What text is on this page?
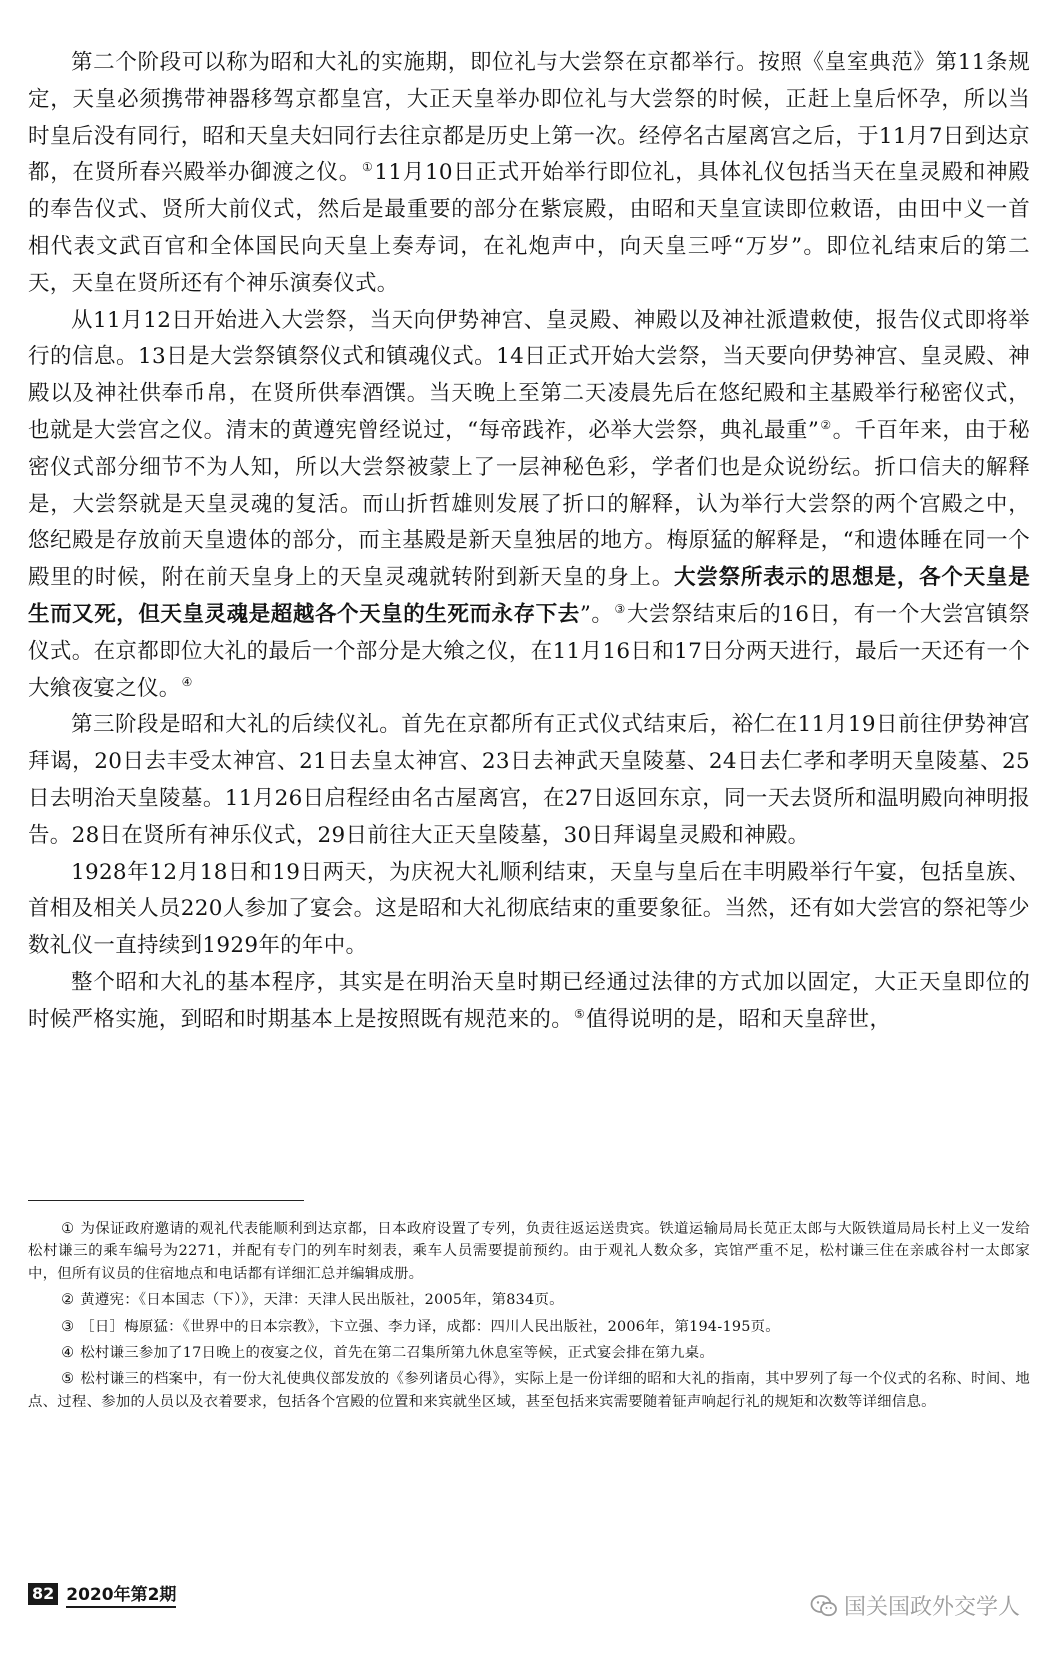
第二个阶段可以称为昭和大礼的实施期，即位礼与大尝祭在京都举行。按照《皇室典范》第11条规定，天皇必须携带神器移驾京都皇宫，大正天皇举办即位礼与大尝祭的时候，正赶上皇后怀孕，所以当时皇后没有同行，昭和天皇夫妇同行去往京都是历史上第一次。经停名古屋离宫之后，于11月7日到达京都，在贤所春兴殿举办御渡之仪。①11月10日正式开始举行即位礼，具体礼仪包括当天在皇灵殿和神殿的奉告仪式、贤所大前仪式，然后是最重要的部分在紫宸殿，由昭和天皇宣读即位敕语，由田中义一首相代表文武百官和全体国民向天皇上奏寿词，在礼炮声中，向天皇三呼“万岁”。即位礼结束后的第二天，天皇在贤所还有个神乐演奏仪式。

从11月12日开始进入大尝祭，当天向伊势神宫、皇灵殿、神殿以及神社派遣敕使，报告仪式即将举行的信息。13日是大尝祭镇祭仪式和镇魂仪式。14日正式开始大尝祭，当天要向伊势神宫、皇灵殿、神殿以及神社供奉币帛，在贤所供奉酒馔。当天晚上至第二天凌晨先后在悠纪殿和主基殿举行秘密仪式，也就是大尝宫之仪。清末的黄遵宪曾经说过，“每帝践祚，必举大尝祭，典礼最重”②。千百年来，由于秘密仪式部分细节不为人知，所以大尝祭被蒙上了一层神秘色彩，学者们也是众说纷纭。折口信夫的解释是，大尝祭就是天皇灵魂的复活。而山折哲雄则发展了折口的解释，认为举行大尝祭的两个宫殿之中，悠纪殿是存放前天皇遗体的部分，而主基殿是新天皇独居的地方。梅原猛的解释是，“和遗体睡在同一个殿里的时候，附在前天皇身上的天皇灵魂就转附到新天皇的身上。大尝祭所表示的思想是，各个天皇是生而又死，但天皇灵魂是超越各个天皇的生死而永存下去”。③大尝祭结束后的16日，有一个大尝宫镇祭仪式。在京都即位大礼的最后一个部分是大飨之仪，在11月16日和17日分两天进行，最后一天还有一个大飨夜宴之仪。④

第三阶段是昭和大礼的后续仪礼。首先在京都所有正式仪式结束后，裕仁在11月19日前往伊势神宫拜谒，20日去丰受太神宫、21日去皇太神宫、23日去神武天皇陵墓、24日去仁孝和孝明天皇陵墓、25日去明治天皇陵墓。11月26日启程经由名古屋离宫，在27日返回东京，同一天去贤所和温明殿向神明报告。28日在贤所有神乐仪式，29日前往大正天皇陵墓，30日拜谒皇灵殿和神殿。

1928年12月18日和19日两天，为庆祝大礼顺利结束，天皇与皇后在丰明殿举行午宴，包括皇族、首相及相关人员220人参加了宴会。这是昭和大礼彻底结束的重要象征。当然，还有如大尝宫的祭祀等少数礼仪一直持续到1929年的年中。

整个昭和大礼的基本程序，其实是在明治天皇时期已经通过法律的方式加以固定，大正天皇即位的时候严格实施，到昭和时期基本上是按照既有规范来的。⑤值得说明的是，昭和天皇辞世，

① 为保证政府邀请的观礼代表能顺利到达京都，日本政府设置了专列，负责往返运送贵宾。铁道运输局局长苋正太郎与大阪铁道局局长村上义一发给松村谦三的乘车编号为2271，并配有专门的列车时刻表，乘车人员需要提前预约。由于观礼人数众多，宾馆严重不足，松村谦三住在亲戚谷村一太郎家中，但所有议员的住宿地点和电话都有详细汇总并编辑成册。

② 黄遵宪：《日本国志（下）》，天津：天津人民出版社，2005年，第834页。

③ ［日］梅原猛：《世界中的日本宗教》，卞立强、李力译，成都：四川人民出版社，2006年，第194-195页。

④ 松村谦三参加了17日晚上的夜宴之仪，首先在第二召集所第九休息室等候，正式宴会排在第九桌。

⑤ 松村谦三的档案中，有一份大礼使典仪部发放的《参列诸员心得》，实际上是一份详细的昭和大礼的指南，其中罗列了每一个仪式的名称、时间、地点、过程、参加的人员以及衣着要求，包括各个宫殿的位置和来宾就坐区域，甚至包括来宾需要随着钲声响起行礼的规矩和次数等详细信息。

82 2020年第2期	国关国政外交学人
